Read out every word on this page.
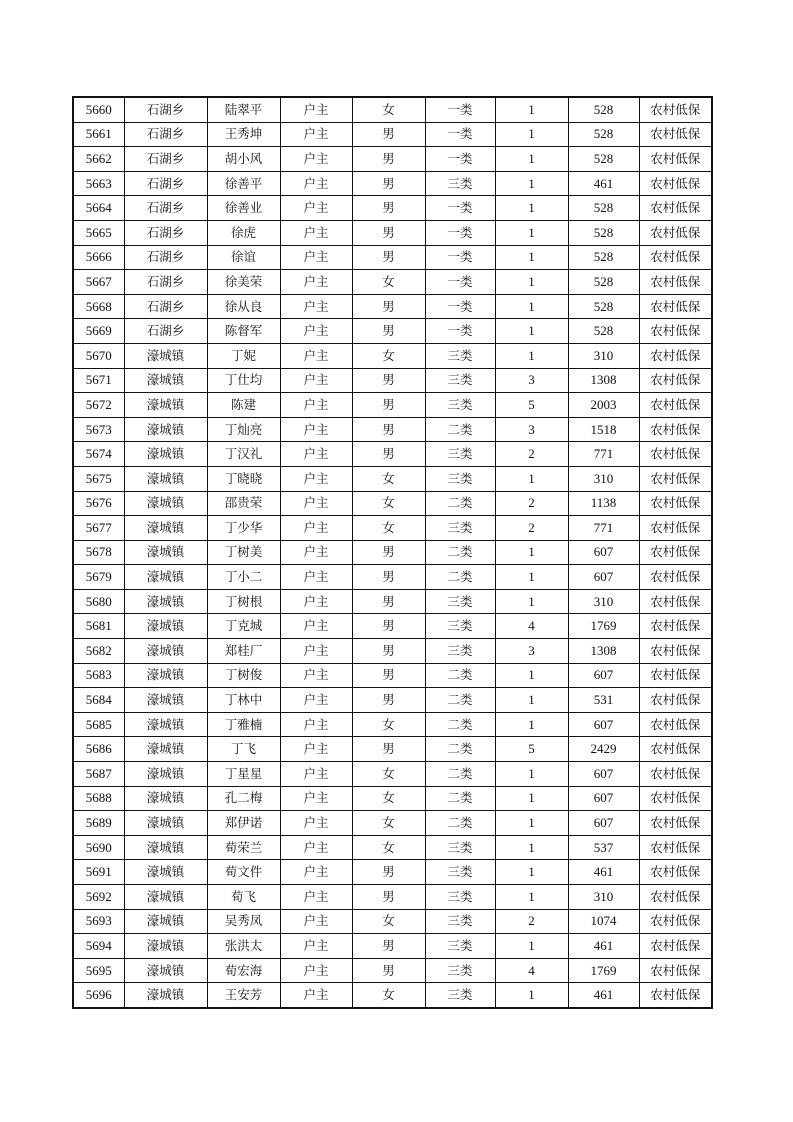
5660	石湖乡	陆翠平	户主	女	一类	1	528	农村低保
5661	石湖乡	王秀坤	户主	男	一类	1	528	农村低保
5662	石湖乡	胡小风	户主	男	一类	1	528	农村低保
5663	石湖乡	徐善平	户主	男	三类	1	461	农村低保
5664	石湖乡	徐善业	户主	男	一类	1	528	农村低保
5665	石湖乡	徐虎	户主	男	一类	1	528	农村低保
5666	石湖乡	徐谊	户主	男	一类	1	528	农村低保
5667	石湖乡	徐美荣	户主	女	一类	1	528	农村低保
5668	石湖乡	徐从良	户主	男	一类	1	528	农村低保
5669	石湖乡	陈督军	户主	男	一类	1	528	农村低保
5670	濠城镇	丁妮	户主	女	三类	1	310	农村低保
5671	濠城镇	丁仕均	户主	男	三类	3	1308	农村低保
5672	濠城镇	陈建	户主	男	三类	5	2003	农村低保
5673	濠城镇	丁灿亮	户主	男	二类	3	1518	农村低保
5674	濠城镇	丁汉礼	户主	男	三类	2	771	农村低保
5675	濠城镇	丁晓晓	户主	女	三类	1	310	农村低保
5676	濠城镇	邵贵荣	户主	女	二类	2	1138	农村低保
5677	濠城镇	丁少华	户主	女	三类	2	771	农村低保
5678	濠城镇	丁树美	户主	男	二类	1	607	农村低保
5679	濠城镇	丁小二	户主	男	二类	1	607	农村低保
5680	濠城镇	丁树根	户主	男	三类	1	310	农村低保
5681	濠城镇	丁克城	户主	男	三类	4	1769	农村低保
5682	濠城镇	郑桂厂	户主	男	三类	3	1308	农村低保
5683	濠城镇	丁树俊	户主	男	二类	1	607	农村低保
5684	濠城镇	丁林中	户主	男	二类	1	531	农村低保
5685	濠城镇	丁雅楠	户主	女	二类	1	607	农村低保
5686	濠城镇	丁飞	户主	男	二类	5	2429	农村低保
5687	濠城镇	丁星星	户主	女	二类	1	607	农村低保
5688	濠城镇	孔二梅	户主	女	二类	1	607	农村低保
5689	濠城镇	郑伊诺	户主	女	二类	1	607	农村低保
5690	濠城镇	荀荣兰	户主	女	三类	1	537	农村低保
5691	濠城镇	荀文件	户主	男	三类	1	461	农村低保
5692	濠城镇	荀飞	户主	男	三类	1	310	农村低保
5693	濠城镇	吴秀凤	户主	女	三类	2	1074	农村低保
5694	濠城镇	张洪太	户主	男	三类	1	461	农村低保
5695	濠城镇	荀宏海	户主	男	三类	4	1769	农村低保
5696	濠城镇	王安芳	户主	女	三类	1	461	农村低保
